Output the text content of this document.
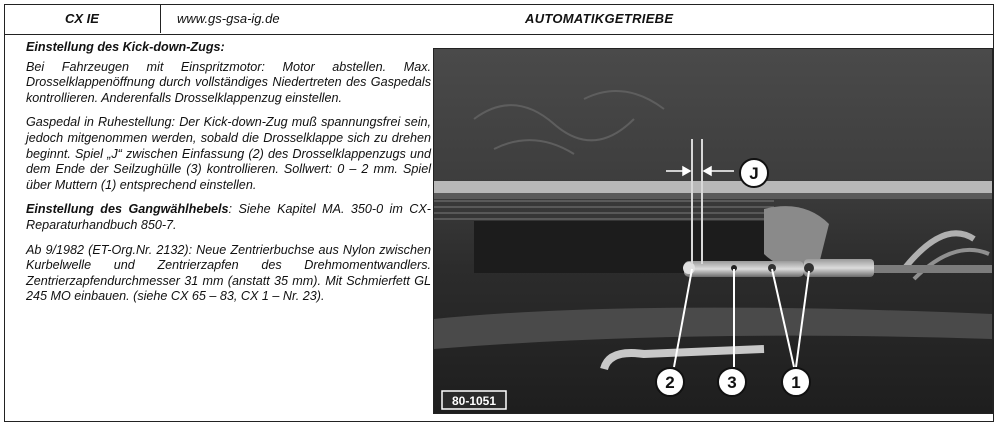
CX IE	www.gs-gsa-ig.de	AUTOMATIKGETRIEBE

Einstellung des Kick-down-Zugs:

Bei Fahrzeugen mit Einspritzmotor: Motor abstellen. Max. Drosselklappenöffnung durch vollständiges Niedertreten des Gaspedals kontrollieren. Anderenfalls Drosselklappenzug einstellen.

Gaspedal in Ruhestellung: Der Kick-down-Zug muß spannungsfrei sein, jedoch mitgenommen werden, sobald die Drosselklappe sich zu drehen beginnt. Spiel „J“ zwischen Einfassung (2) des Drosselklappenzugs und dem Ende der Seilzughülle (3) kontrollieren. Sollwert: 0 – 2 mm. Spiel über Muttern (1) entsprechend einstellen.

Einstellung des Gangwählhebels: Siehe Kapitel MA. 350-0 im CX-Reparaturhandbuch 850-7.

Ab 9/1982 (ET-Org.Nr. 2132): Neue Zentrierbuchse aus Nylon zwischen Kurbelwelle und Zentrierzapfen des Drehmomentwandlers. Zentrierzapfendurchmesser 31 mm (anstatt 35 mm). Mit Schmierfett GL 245 MO einbauen. (siehe CX 65 – 83, CX 1 – Nr. 23).

J
2	3	1
80-1051
